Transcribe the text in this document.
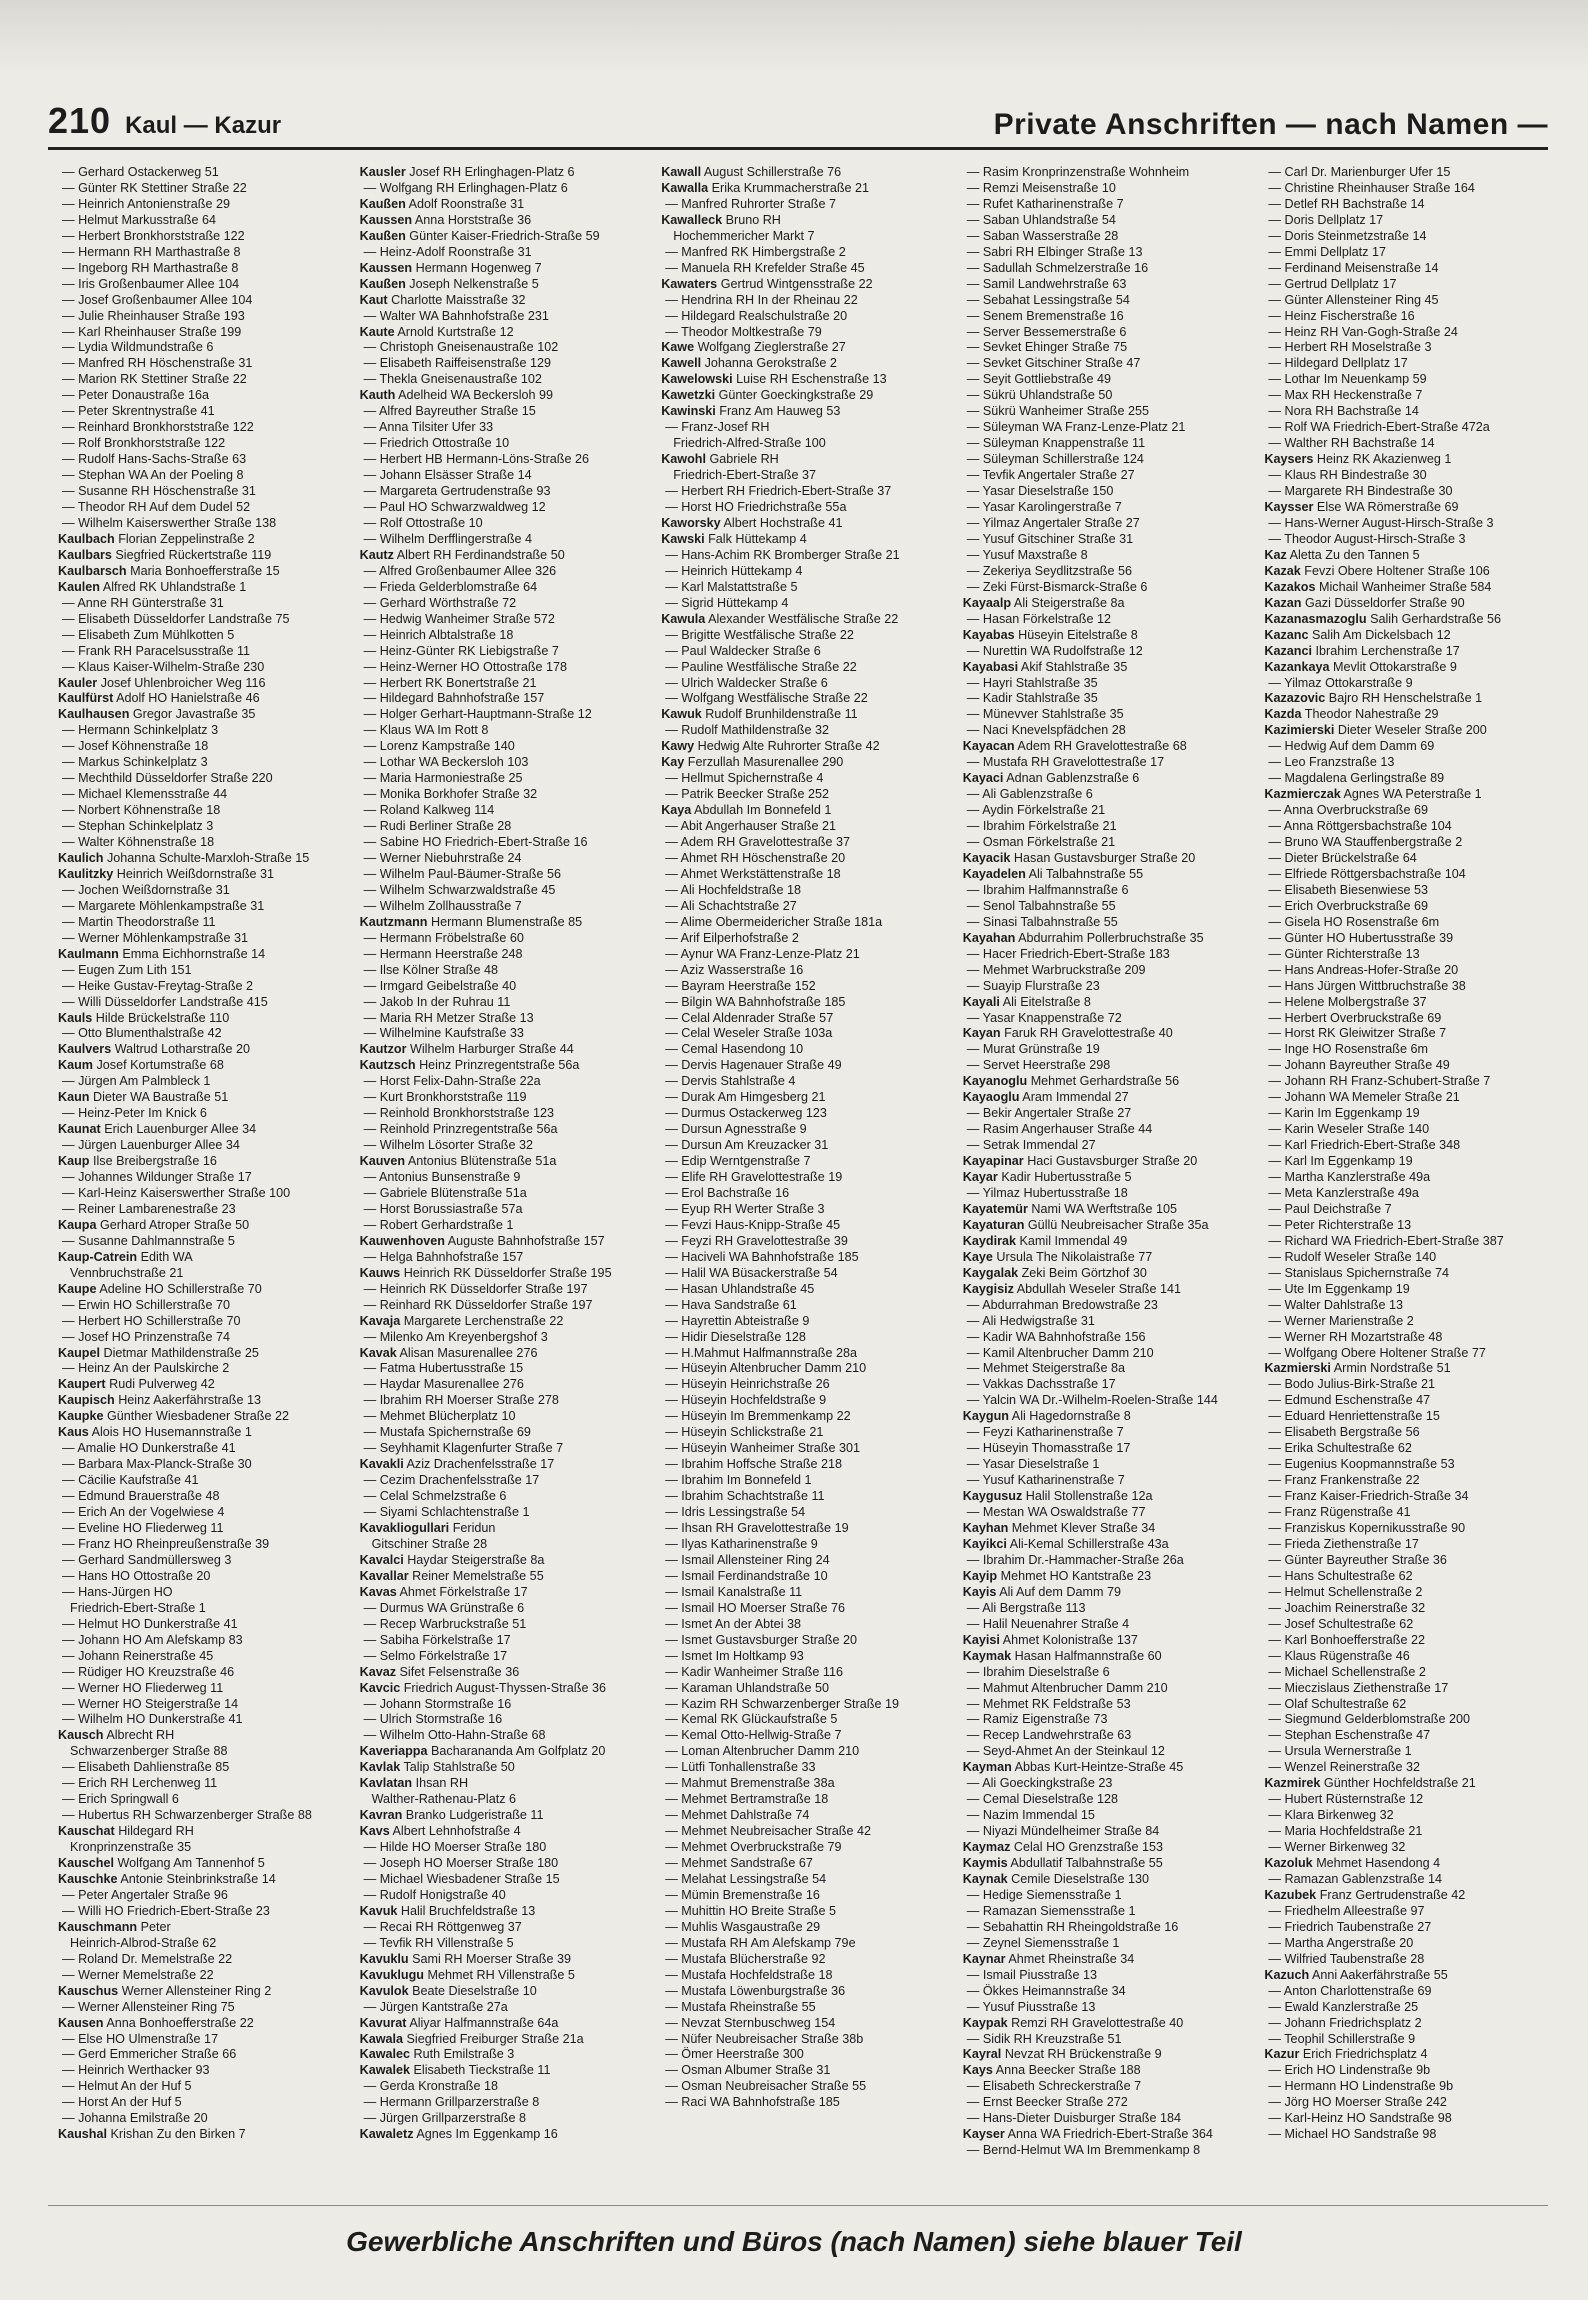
210 Kaul — Kazur	Private Anschriften — nach Namen —
— Gerhard Ostackerweg 51
— Günter RK Stettiner Straße 22
— Heinrich Antonienstraße 29
— Helmut Markusstraße 64
— Herbert Bronkhorststraße 122
— Hermann RH Marthastraße 8
— Ingeborg RH Marthastraße 8
— Iris Großenbaumer Allee 104
— Josef Großenbaumer Allee 104
— Julie Rheinhauser Straße 193
— Karl Rheinhauser Straße 199
— Lydia Wildmundstraße 6
— Manfred RH Höschenstraße 31
— Marion RK Stettiner Straße 22
— Peter Donaustraße 16a
— Peter Skrentnystraße 41
— Reinhard Bronkhorststraße 122
— Rolf Bronkhorststraße 122
— Rudolf Hans-Sachs-Straße 63
— Stephan WA An der Poeling 8
— Susanne RH Höschenstraße 31
— Theodor RH Auf dem Dudel 52
— Wilhelm Kaiserswerther Straße 138
Kaulbach Florian Zeppelinstraße 2
Kaulbars Siegfried Rückertstraße 119
Kaulbarsch Maria Bonhoefferstraße 15
Kaulen Alfred RK Uhlandstraße 1
— Anne RH Günterstraße 31
— Elisabeth Düsseldorfer Landstraße 75
— Elisabeth Zum Mühlkotten 5
— Frank RH Paracelsusstraße 11
— Klaus Kaiser-Wilhelm-Straße 230
Kauler Josef Uhlenbroicher Weg 116
Kaulfürst Adolf HO Hanielstraße 46
Kaulhausen Gregor Javastraße 35
— Hermann Schinkelplatz 3
— Josef Köhnenstraße 18
— Markus Schinkelplatz 3
— Mechthild Düsseldorfer Straße 220
— Michael Klemensstraße 44
— Norbert Köhnenstraße 18
— Stephan Schinkelplatz 3
— Walter Köhnenstraße 18
Kaulich Johanna Schulte-Marxloh-Straße 15
Kaulitzky Heinrich Weißdornstraße 31
— Jochen Weißdornstraße 31
— Margarete Möhlenkampstraße 31
— Martin Theodorstraße 11
— Werner Möhlenkampstraße 31
Kaulmann Emma Eichhornstraße 14
— Eugen Zum Lith 151
— Heike Gustav-Freytag-Straße 2
— Willi Düsseldorfer Landstraße 415
Kauls Hilde Brückelstraße 110
— Otto Blumenthalstraße 42
Kaulvers Waltrud Lotharstraße 20
Kaum Josef Kortumstraße 68
— Jürgen Am Palmbleck 1
Kaun Dieter WA Baustraße 51
— Heinz-Peter Im Knick 6
Kaunat Erich Lauenburger Allee 34
— Jürgen Lauenburger Allee 34
Kaup Ilse Breibergstraße 16
— Johannes Wildunger Straße 17
— Karl-Heinz Kaiserswerther Straße 100
— Reiner Lambarenestraße 23
Kaupa Gerhard Atroper Straße 50
— Susanne Dahlmannstraße 5
Kaup-Catrein Edith WA
Vennbruchstraße 21
Kaupe Adeline HO Schillerstraße 70
— Erwin HO Schillerstraße 70
— Herbert HO Schillerstraße 70
— Josef HO Prinzenstraße 74
Kaupel Dietmar Mathildenstraße 25
— Heinz An der Paulskirche 2
Kaupert Rudi Pulverweg 42
Kaupisch Heinz Aakerfährstraße 13
Kaupke Günther Wiesbadener Straße 22
Kaus Alois HO Husemannstraße 1
— Amalie HO Dunkerstraße 41
— Barbara Max-Planck-Straße 30
— Cäcilie Kaufstraße 41
— Edmund Brauerstraße 48
— Erich An der Vogelwiese 4
— Eveline HO Fliederweg 11
— Franz HO Rheinpreußenstraße 39
— Gerhard Sandmüllersweg 3
— Hans HO Ottostraße 20
— Hans-Jürgen HO
Friedrich-Ebert-Straße 1
— Helmut HO Dunkerstraße 41
— Johann HO Am Alefskamp 83
— Johann Reinerstraße 45
— Rüdiger HO Kreuzstraße 46
— Werner HO Fliederweg 11
— Werner HO Steigerstraße 14
— Wilhelm HO Dunkerstraße 41
Kausch Albrecht RH
Schwarzenberger Straße 88
— Elisabeth Dahlienstraße 85
— Erich RH Lerchenweg 11
— Erich Springwall 6
— Hubertus RH Schwarzenberger Straße 88
Kauschat Hildegard RH
Kronprinzenstraße 35
Kauschel Wolfgang Am Tannenhof 5
Kauschke Antonie Steinbrinkstraße 14
— Peter Angertaler Straße 96
— Willi HO Friedrich-Ebert-Straße 23
Kauschmann Peter
Heinrich-Albrod-Straße 62
— Roland Dr. Memelstraße 22
— Werner Memelstraße 22
Kauschus Werner Allensteiner Ring 2
— Werner Allensteiner Ring 75
Kausen Anna Bonhoefferstraße 22
— Else HO Ulmenstraße 17
— Gerd Emmericher Straße 66
— Heinrich Werthacker 93
— Helmut An der Huf 5
— Horst An der Huf 5
— Johanna Emilstraße 20
Kaushal Krishan Zu den Birken 7
Kausler Josef RH Erlinghagen-Platz 6
— Wolfgang RH Erlinghagen-Platz 6
Kaußen Adolf Roonstraße 31
Kaussen Anna Horststraße 36
Kaußen Günter Kaiser-Friedrich-Straße 59
— Heinz-Adolf Roonstraße 31
Kaussen Hermann Hogenweg 7
Kaußen Joseph Nelkenstraße 5
Kaut Charlotte Maisstraße 32
— Walter WA Bahnhofstraße 231
Kaute Arnold Kurtstraße 12
— Christoph Gneisenaustraße 102
— Elisabeth Raiffeisenstraße 129
— Thekla Gneisenaustraße 102
Kauth Adelheid WA Beckersloh 99
— Alfred Bayreuther Straße 15
— Anna Tilsiter Ufer 33
— Friedrich Ottostraße 10
— Herbert HB Hermann-Löns-Straße 26
— Johann Elsässer Straße 14
— Margareta Gertrudenstraße 93
— Paul HO Schwarzwaldweg 12
— Rolf Ottostraße 10
— Wilhelm Derfflingerstraße 4
Kautz Albert RH Ferdinandstraße 50
— Alfred Großenbaumer Allee 326
— Frieda Gelderblomstraße 64
— Gerhard Wörthstraße 72
— Hedwig Wanheimer Straße 572
— Heinrich Albtalstraße 18
— Heinz-Günter RK Liebigstraße 7
— Heinz-Werner HO Ottostraße 178
— Herbert RK Bonertstraße 21
— Hildegard Bahnhofstraße 157
— Holger Gerhart-Hauptmann-Straße 12
— Klaus WA Im Rott 8
— Lorenz Kampstraße 140
— Lothar WA Beckersloh 103
— Maria Harmoniestraße 25
— Monika Borkhofer Straße 32
— Roland Kalkweg 114
— Rudi Berliner Straße 28
— Sabine HO Friedrich-Ebert-Straße 16
— Werner Niebuhrstraße 24
— Wilhelm Paul-Bäumer-Straße 56
— Wilhelm Schwarzwaldstraße 45
— Wilhelm Zollhausstraße 7
Kautzmann Hermann Blumenstraße 85
— Hermann Fröbelstraße 60
— Hermann Heerstraße 248
— Ilse Kölner Straße 48
— Irmgard Geibelstraße 40
— Jakob In der Ruhrau 11
— Maria RH Metzer Straße 13
— Wilhelmine Kaufstraße 33
Kautzor Wilhelm Harburger Straße 44
Kautzsch Heinz Prinzregentstraße 56a
— Horst Felix-Dahn-Straße 22a
— Kurt Bronkhorststraße 119
— Reinhold Bronkhorststraße 123
— Reinhold Prinzregentstraße 56a
— Wilhelm Lösorter Straße 32
Kauven Antonius Blütenstraße 51a
— Antonius Bunsenstraße 9
— Gabriele Blütenstraße 51a
— Horst Borussiastraße 57a
— Robert Gerhardstraße 1
Kauwenhoven Auguste Bahnhofstraße 157
— Helga Bahnhofstraße 157
Kauws Heinrich RK Düsseldorfer Straße 195
— Heinrich RK Düsseldorfer Straße 197
— Reinhard RK Düsseldorfer Straße 197
Kavaja Margarete Lerchenstraße 22
— Milenko Am Kreyenbergshof 3
Kavak Alisan Masurenallee 276
— Fatma Hubertusstraße 15
— Haydar Masurenallee 276
— Ibrahim RH Moerser Straße 278
— Mehmet Blücherplatz 10
— Mustafa Spichernstraße 69
— Seyhhamit Klagenfurter Straße 7
Kavakli Aziz Drachenfelsstraße 17
— Cezim Drachenfelsstraße 17
— Celal Schmelzstraße 6
— Siyami Schlachtenstraße 1
Kavakliogullari Feridun
Gitschiner Straße 28
Kavalci Haydar Steigerstraße 8a
Kavallar Reiner Memelstraße 55
Kavas Ahmet Förkelstraße 17
— Durmus WA Grünstraße 6
— Recep Warbruckstraße 51
— Sabiha Förkelstraße 17
— Selmo Förkelstraße 17
Kavaz Sifet Felsenstraße 36
Kavcic Friedrich August-Thyssen-Straße 36
— Johann Stormstraße 16
— Ulrich Stormstraße 16
— Wilhelm Otto-Hahn-Straße 68
Kaveriappa Bacharananda Am Golfplatz 20
Kavlak Talip Stahlstraße 50
Kavlatan Ihsan RH
Walther-Rathenau-Platz 6
Kavran Branko Ludgeristraße 11
Kavs Albert Lehnhofstraße 4
— Hilde HO Moerser Straße 180
— Joseph HO Moerser Straße 180
— Michael Wiesbadener Straße 15
— Rudolf Honigstraße 40
Kavuk Halil Bruchfeldstraße 13
— Recai RH Röttgenweg 37
— Tevfik RH Villenstraße 5
Kavuklu Sami RH Moerser Straße 39
Kavuklugu Mehmet RH Villenstraße 5
Kavulok Beate Dieselstraße 10
— Jürgen Kantstraße 27a
Kavurat Aliyar Halfmannstraße 64a
Kawala Siegfried Freiburger Straße 21a
Kawalec Ruth Emilstraße 3
Kawalek Elisabeth Tieckstraße 11
— Gerda Kronstraße 18
— Hermann Grillparzerstraße 8
— Jürgen Grillparzerstraße 8
Kawaletz Agnes Im Eggenkamp 16
Kawall August Schillerstraße 76
Kawalla Erika Krummacherstraße 21
— Manfred Ruhrorter Straße 7
Kawalleck Bruno RH
Hochemmericher Markt 7
— Manfred RK Himbergstraße 2
— Manuela RH Krefelder Straße 45
Kawaters Gertrud Wintgensstraße 22
— Hendrina RH In der Rheinau 22
— Hildegard Realschulstraße 20
— Theodor Moltkestraße 79
Kawe Wolfgang Zieglerstraße 27
Kawell Johanna Gerokstraße 2
Kawelowski Luise RH Eschenstraße 13
Kawetzki Günter Goeckingkstraße 29
Kawinski Franz Am Hauweg 53
— Franz-Josef RH
Friedrich-Alfred-Straße 100
Kawohl Gabriele RH
Friedrich-Ebert-Straße 37
— Herbert RH Friedrich-Ebert-Straße 37
— Horst HO Friedrichstraße 55a
Kaworsky Albert Hochstraße 41
Kawski Falk Hüttekamp 4
— Hans-Achim RK Bromberger Straße 21
— Heinrich Hüttekamp 4
— Karl Malstattstraße 5
— Sigrid Hüttekamp 4
Kawula Alexander Westfälische Straße 22
— Brigitte Westfälische Straße 22
— Paul Waldecker Straße 6
— Pauline Westfälische Straße 22
— Ulrich Waldecker Straße 6
— Wolfgang Westfälische Straße 22
Kawuk Rudolf Brunhildenstraße 11
— Rudolf Mathildenstraße 32
Kawy Hedwig Alte Ruhrorter Straße 42
Kay Ferzullah Masurenallee 290
— Hellmut Spichernstraße 4
— Patrik Beecker Straße 252
Kaya Abdullah Im Bonnefeld 1
— Abit Angerhauser Straße 21
— Adem RH Gravelottestraße 37
— Ahmet RH Höschenstraße 20
— Ahmet Werkstättenstraße 18
— Ali Hochfeldstraße 18
— Ali Schachtstraße 27
— Alime Obermeidericher Straße 181a
— Arif Eilperhofstraße 2
— Aynur WA Franz-Lenze-Platz 21
— Aziz Wasserstraße 16
— Bayram Heerstraße 152
— Bilgin WA Bahnhofstraße 185
— Celal Aldenrader Straße 57
— Celal Weseler Straße 103a
— Cemal Hasendong 10
— Dervis Hagenauer Straße 49
— Dervis Stahlstraße 4
— Durak Am Himgesberg 21
— Durmus Ostackerweg 123
— Dursun Agnesstraße 9
— Dursun Am Kreuzacker 31
— Edip Werntgenstraße 7
— Elife RH Gravelottestraße 19
— Erol Bachstraße 16
— Eyup RH Werter Straße 3
— Fevzi Haus-Knipp-Straße 45
— Feyzi RH Gravelottestraße 39
— Haciveli WA Bahnhofstraße 185
— Halil WA Büsackerstraße 54
— Hasan Uhlandstraße 45
— Hava Sandstraße 61
— Hayrettin Abteistraße 9
— Hidir Dieselstraße 128
— H.Mahmut Halfmannstraße 28a
— Hüseyin Altenbrucher Damm 210
— Hüseyin Heinrichstraße 26
— Hüseyin Hochfeldstraße 9
— Hüseyin Im Bremmenkamp 22
— Hüseyin Schlickstraße 21
— Hüseyin Wanheimer Straße 301
— Ibrahim Hoffsche Straße 218
— Ibrahim Im Bonnefeld 1
— Ibrahim Schachtstraße 11
— Idris Lessingstraße 54
— Ihsan RH Gravelottestraße 19
— Ilyas Katharinenstraße 9
— Ismail Allensteiner Ring 24
— Ismail Ferdinandstraße 10
— Ismail Kanalstraße 11
— Ismail HO Moerser Straße 76
— Ismet An der Abtei 38
— Ismet Gustavsburger Straße 20
— Ismet Im Holtkamp 93
— Kadir Wanheimer Straße 116
— Karaman Uhlandstraße 50
— Kazim RH Schwarzenberger Straße 19
— Kemal RK Glückaufstraße 5
— Kemal Otto-Hellwig-Straße 7
— Loman Altenbrucher Damm 210
— Lütfi Tonhallenstraße 33
— Mahmut Bremenstraße 38a
— Mehmet Bertramstraße 18
— Mehmet Dahlstraße 74
— Mehmet Neubreisacher Straße 42
— Mehmet Overbruckstraße 79
— Mehmet Sandstraße 67
— Melahat Lessingstraße 54
— Mümin Bremenstraße 16
— Muhittin HO Breite Straße 5
— Muhlis Wasgaustraße 29
— Mustafa RH Am Alefskamp 79e
— Mustafa Blücherstraße 92
— Mustafa Hochfeldstraße 18
— Mustafa Löwenburgstraße 36
— Mustafa Rheinstraße 55
— Nevzat Sternbuschweg 154
— Nüfer Neubreisacher Straße 38b
— Ömer Heerstraße 300
— Osman Albumer Straße 31
— Osman Neubreisacher Straße 55
— Raci WA Bahnhofstraße 185
— Rasim Kronprinzenstraße Wohnheim
— Remzi Meisenstraße 10
— Rufet Katharinenstraße 7
— Saban Uhlandstraße 54
— Saban Wasserstraße 28
— Sabri RH Elbinger Straße 13
— Sadullah Schmelzerstraße 16
— Samil Landwehrstraße 63
— Sebahat Lessingstraße 54
— Senem Bremenstraße 16
— Server Bessemerstraße 6
— Sevket Ehinger Straße 75
— Sevket Gitschiner Straße 47
— Seyit Gottliebstraße 49
— Sükrü Uhlandstraße 50
— Sükrü Wanheimer Straße 255
— Süleyman WA Franz-Lenze-Platz 21
— Süleyman Knappenstraße 11
— Süleyman Schillerstraße 124
— Tevfik Angertaler Straße 27
— Yasar Dieselstraße 150
— Yasar Karolingerstraße 7
— Yilmaz Angertaler Straße 27
— Yusuf Gitschiner Straße 31
— Yusuf Maxstraße 8
— Zekeriya Seydlitzstraße 56
— Zeki Fürst-Bismarck-Straße 6
Kayaalp Ali Steigerstraße 8a
— Hasan Förkelstraße 12
Kayabas Hüseyin Eitelstraße 8
— Nurettin WA Rudolfstraße 12
Kayabasi Akif Stahlstraße 35
— Hayri Stahlstraße 35
— Kadir Stahlstraße 35
— Münevver Stahlstraße 35
— Naci Knevelspfädchen 28
Kayacan Adem RH Gravelottestraße 68
— Mustafa RH Gravelottestraße 17
Kayaci Adnan Gablenzstraße 6
— Ali Gablenzstraße 6
— Aydin Förkelstraße 21
— Ibrahim Förkelstraße 21
— Osman Förkelstraße 21
Kayacik Hasan Gustavsburger Straße 20
Kayadelen Ali Talbahnstraße 55
— Ibrahim Halfmannstraße 6
— Senol Talbahnstraße 55
— Sinasi Talbahnstraße 55
Kayahan Abdurrahim Pollerbruchstraße 35
— Hacer Friedrich-Ebert-Straße 183
— Mehmet Warbruckstraße 209
— Suayip Flurstraße 23
Kayali Ali Eitelstraße 8
— Yasar Knappenstraße 72
Kayan Faruk RH Gravelottestraße 40
— Murat Grünstraße 19
— Servet Heerstraße 298
Kayanoglu Mehmet Gerhardstraße 56
Kayaoglu Aram Immendal 27
— Bekir Angertaler Straße 27
— Rasim Angerhauser Straße 44
— Setrak Immendal 27
Kayapinar Haci Gustavsburger Straße 20
Kayar Kadir Hubertusstraße 5
— Yilmaz Hubertusstraße 18
Kayatemür Nami WA Werftstraße 105
Kayaturan Güllü Neubreisacher Straße 35a
Kaydirak Kamil Immendal 49
Kaye Ursula The Nikolaistraße 77
Kaygalak Zeki Beim Görtzhof 30
Kaygisiz Abdullah Weseler Straße 141
— Abdurrahman Bredowstraße 23
— Ali Hedwigstraße 31
— Kadir WA Bahnhofstraße 156
— Kamil Altenbrucher Damm 210
— Mehmet Steigerstraße 8a
— Vakkas Dachsstraße 17
— Yalcin WA Dr.-Wilhelm-Roelen-Straße 144
Kaygun Ali Hagedornstraße 8
— Feyzi Katharinenstraße 7
— Hüseyin Thomasstraße 17
— Yasar Dieselstraße 1
— Yusuf Katharinenstraße 7
Kaygusuz Halil Stollenstraße 12a
— Mestan WA Oswaldstraße 77
Kayhan Mehmet Klever Straße 34
Kayikci Ali-Kemal Schillerstraße 43a
— Ibrahim Dr.-Hammacher-Straße 26a
Kayip Mehmet HO Kantstraße 23
Kayis Ali Auf dem Damm 79
— Ali Bergstraße 113
— Halil Neuenahrer Straße 4
Kayisi Ahmet Kolonistraße 137
Kaymak Hasan Halfmannstraße 60
— Ibrahim Dieselstraße 6
— Mahmut Altenbrucher Damm 210
— Mehmet RK Feldstraße 53
— Ramiz Eigenstraße 73
— Recep Landwehrstraße 63
— Seyd-Ahmet An der Steinkaul 12
Kayman Abbas Kurt-Heintze-Straße 45
— Ali Goeckingkstraße 23
— Cemal Dieselstraße 128
— Nazim Immendal 15
— Niyazi Mündelheimer Straße 84
Kaymaz Celal HO Grenzstraße 153
Kaymis Abdullatif Talbahnstraße 55
Kaynak Cemile Dieselstraße 130
— Hedige Siemensstraße 1
— Ramazan Siemensstraße 1
— Sebahattin RH Rheingoldstraße 16
— Zeynel Siemensstraße 1
Kaynar Ahmet Rheinstraße 34
— Ismail Piusstraße 13
— Ökkes Heimannstraße 34
— Yusuf Piusstraße 13
Kaypak Remzi RH Gravelottestraße 40
— Sidik RH Kreuzstraße 51
Kayral Nevzat RH Brückenstraße 9
Kays Anna Beecker Straße 188
— Elisabeth Schreckerstraße 7
— Ernst Beecker Straße 272
— Hans-Dieter Duisburger Straße 184
Kayser Anna WA Friedrich-Ebert-Straße 364
— Bernd-Helmut WA Im Bremmenkamp 8
— Carl Dr. Marienburger Ufer 15
— Christine Rheinhauser Straße 164
— Detlef RH Bachstraße 14
— Doris Dellplatz 17
— Doris Steinmetzstraße 14
— Emmi Dellplatz 17
— Ferdinand Meisenstraße 14
— Gertrud Dellplatz 17
— Günter Allensteiner Ring 45
— Heinz Fischerstraße 16
— Heinz RH Van-Gogh-Straße 24
— Herbert RH Moselstraße 3
— Hildegard Dellplatz 17
— Lothar Im Neuenkamp 59
— Max RH Heckenstraße 7
— Nora RH Bachstraße 14
— Rolf WA Friedrich-Ebert-Straße 472a
— Walther RH Bachstraße 14
Kaysers Heinz RK Akazienweg 1
— Klaus RH Bindestraße 30
— Margarete RH Bindestraße 30
Kaysser Else WA Römerstraße 69
— Hans-Werner August-Hirsch-Straße 3
— Theodor August-Hirsch-Straße 3
Kaz Aletta Zu den Tannen 5
Kazak Fevzi Obere Holtener Straße 106
Kazakos Michail Wanheimer Straße 584
Kazan Gazi Düsseldorfer Straße 90
Kazanasmazoglu Salih Gerhardstraße 56
Kazanc Salih Am Dickelsbach 12
Kazanci Ibrahim Lerchenstraße 17
Kazankaya Mevlit Ottokarstraße 9
— Yilmaz Ottokarstraße 9
Kazazovic Bajro RH Henschelstraße 1
Kazda Theodor Nahestraße 29
Kazimierski Dieter Weseler Straße 200
— Hedwig Auf dem Damm 69
— Leo Franzstraße 13
— Magdalena Gerlingstraße 89
Kazmierczak Agnes WA Peterstraße 1
— Anna Overbruckstraße 69
— Anna Röttgersbachstraße 104
— Bruno WA Stauffenbergstraße 2
— Dieter Brückelstraße 64
— Elfriede Röttgersbachstraße 104
— Elisabeth Biesenwiese 53
— Erich Overbruckstraße 69
— Gisela HO Rosenstraße 6m
— Günter HO Hubertusstraße 39
— Günter Richterstraße 13
— Hans Andreas-Hofer-Straße 20
— Hans Jürgen Wittbruchstraße 38
— Helene Molbergstraße 37
— Herbert Overbruckstraße 69
— Horst RK Gleiwitzer Straße 7
— Inge HO Rosenstraße 6m
— Johann Bayreuther Straße 49
— Johann RH Franz-Schubert-Straße 7
— Johann WA Memeler Straße 21
— Karin Im Eggenkamp 19
— Karin Weseler Straße 140
— Karl Friedrich-Ebert-Straße 348
— Karl Im Eggenkamp 19
— Martha Kanzlerstraße 49a
— Meta Kanzlerstraße 49a
— Paul Deichstraße 7
— Peter Richterstraße 13
— Richard WA Friedrich-Ebert-Straße 387
— Rudolf Weseler Straße 140
— Stanislaus Spichernstraße 74
— Ute Im Eggenkamp 19
— Walter Dahlstraße 13
— Werner Marienstraße 2
— Werner RH Mozartstraße 48
— Wolfgang Obere Holtener Straße 77
Kazmierski Armin Nordstraße 51
— Bodo Julius-Birk-Straße 21
— Edmund Eschenstraße 47
— Eduard Henriettenstraße 15
— Elisabeth Bergstraße 56
— Erika Schultestraße 62
— Eugenius Koopmannstraße 53
— Franz Frankenstraße 22
— Franz Kaiser-Friedrich-Straße 34
— Franz Rügenstraße 41
— Franziskus Kopernikusstraße 90
— Frieda Ziethenstraße 17
— Günter Bayreuther Straße 36
— Hans Schultestraße 62
— Helmut Schellenstraße 2
— Joachim Reinerstraße 32
— Josef Schultestraße 62
— Karl Bonhoefferstraße 22
— Klaus Rügenstraße 46
— Michael Schellenstraße 2
— Mieczislaus Ziethenstraße 17
— Olaf Schultestraße 62
— Siegmund Gelderblomstraße 200
— Stephan Eschenstraße 47
— Ursula Wernerstraße 1
— Wenzel Reinerstraße 32
Kazmirek Günther Hochfeldstraße 21
— Hubert Rüsternstraße 12
— Klara Birkenweg 32
— Maria Hochfeldstraße 21
— Werner Birkenweg 32
Kazoluk Mehmet Hasendong 4
— Ramazan Gablenzstraße 14
Kazubek Franz Gertrudenstraße 42
— Friedhelm Alleestraße 97
— Friedrich Taubenstraße 27
— Martha Angerstraße 20
— Wilfried Taubenstraße 28
Kazuch Anni Aakerfährstraße 55
— Anton Charlottenstraße 69
— Ewald Kanzlerstraße 25
— Johann Friedrichsplatz 2
— Teophil Schillerstraße 9
Kazur Erich Friedrichsplatz 4
— Erich HO Lindenstraße 9b
— Hermann HO Lindenstraße 9b
— Jörg HO Moerser Straße 242
— Karl-Heinz HO Sandstraße 98
— Michael HO Sandstraße 98
Gewerbliche Anschriften und Büros (nach Namen) siehe blauer Teil
